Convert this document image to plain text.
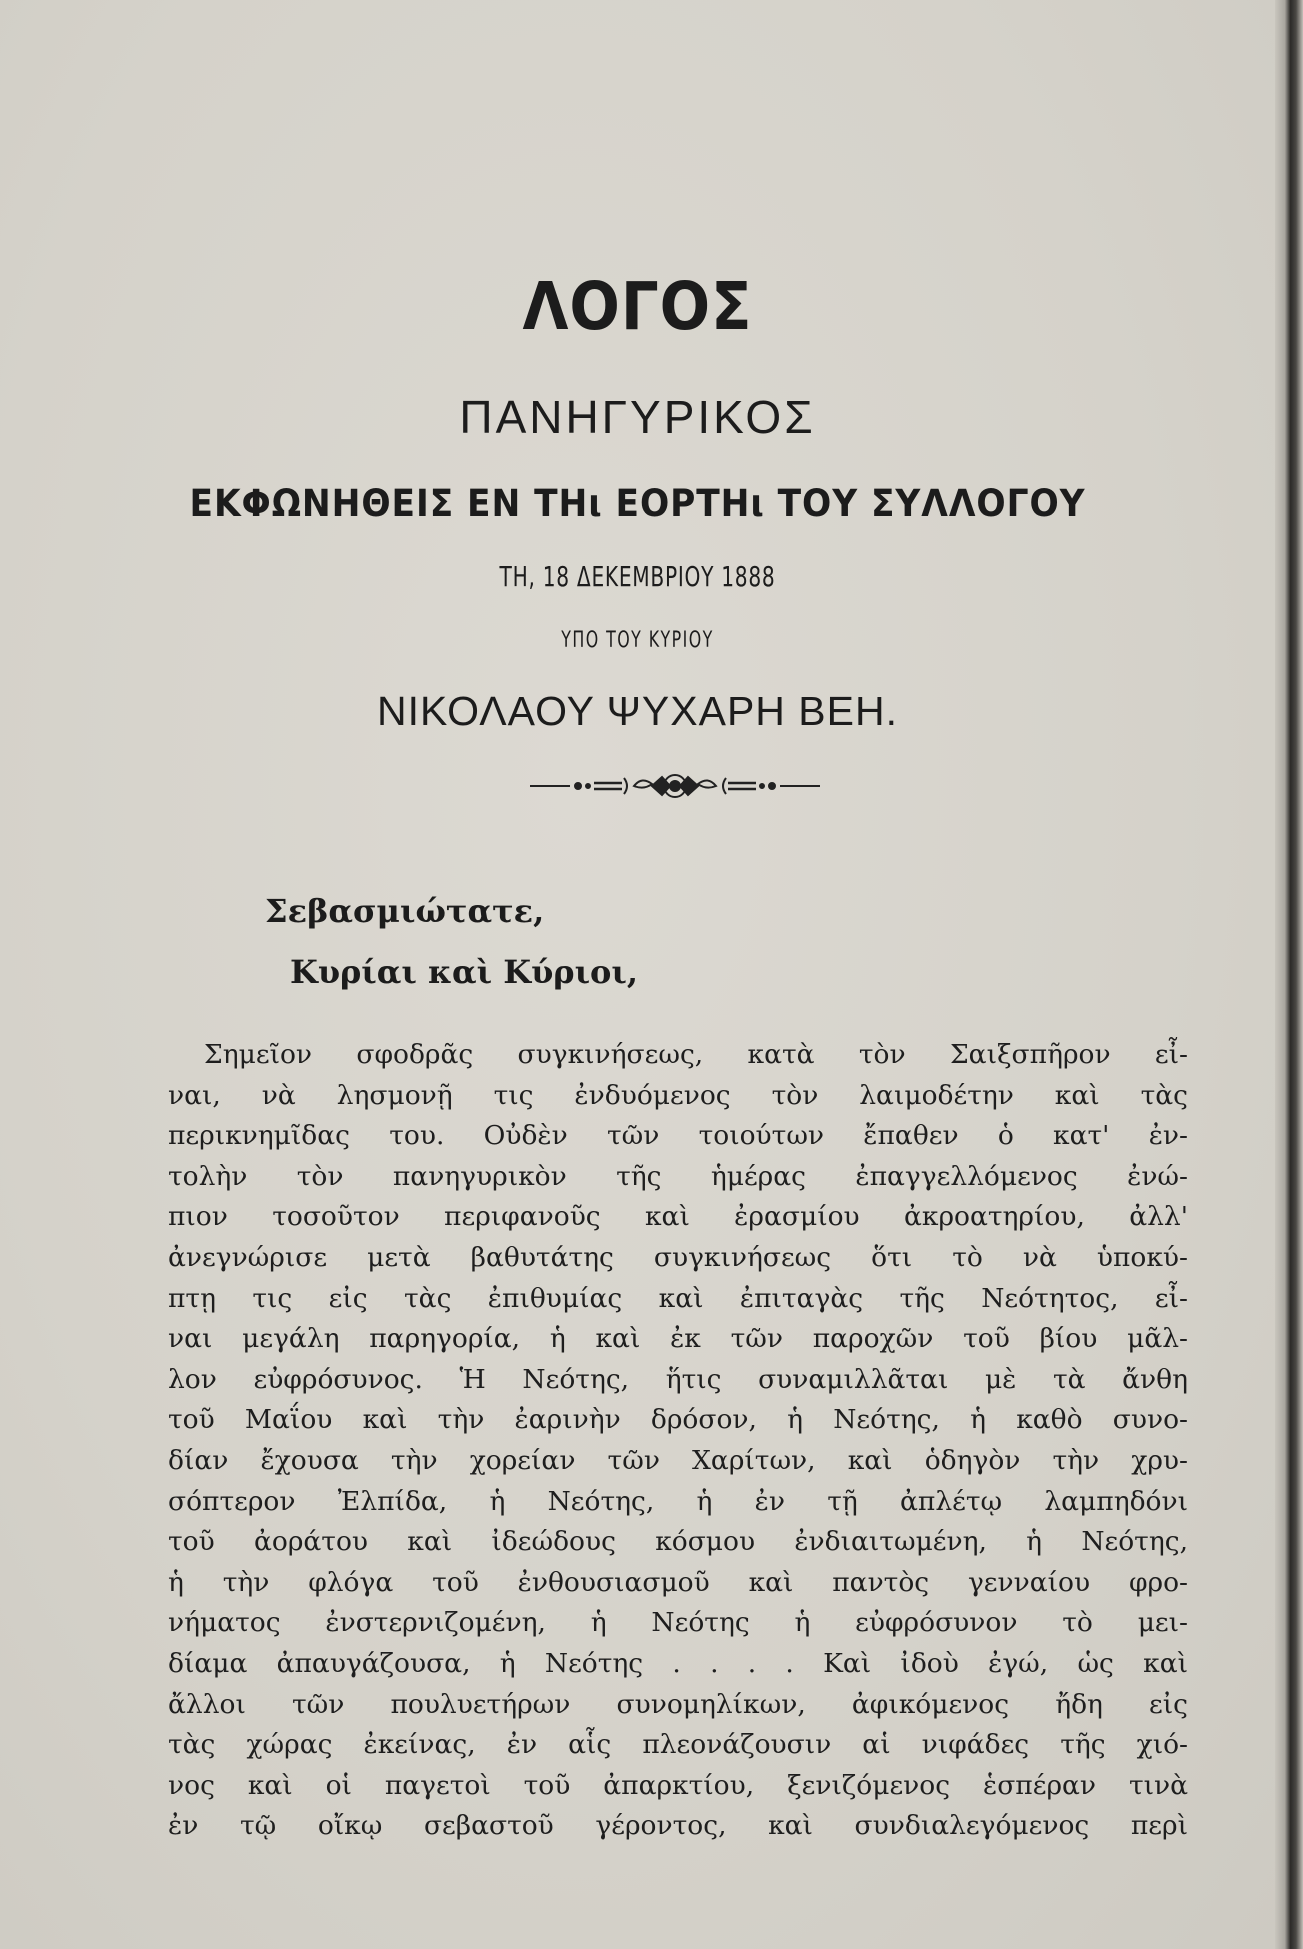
ΛΟΓΟΣ
ΠΑΝΗΓΥΡΙΚΟΣ
ΕΚΦΩΝΗΘΕΙΣ ΕΝ ΤΗι ΕΟΡΤΗι ΤΟΥ ΣΥΛΛΟΓΟΥ
ΤΗ, 18 ΔΕΚΕΜΒΡΙΟΥ 1888
ΥΠΟ ΤΟΥ ΚΥΡΙΟΥ
ΝΙΚΟΛΑΟΥ ΨΥΧΑΡΗ ΒΕΗ.
Σεβασμιώτατε,
Κυρίαι καὶ Κύριοι,
Σημεῖον σφοδρᾶς συγκινήσεως, κατὰ τὸν Σαιξσπῆρον εἶ-
ναι, νὰ λησμονῇ τις ἐνδυόμενος τὸν λαιμοδέτην καὶ τὰς
περικνημῖδας του. Οὐδὲν τῶν τοιούτων ἔπαθεν ὁ κατ' ἐν-
τολὴν τὸν πανηγυρικὸν τῆς ἡμέρας ἐπαγγελλόμενος ἐνώ-
πιον τοσοῦτον περιφανοῦς καὶ ἐρασμίου ἀκροατηρίου, ἀλλ'
ἀνεγνώρισε μετὰ βαθυτάτης συγκινήσεως ὅτι τὸ νὰ ὑποκύ-
πτῃ τις εἰς τὰς ἐπιθυμίας καὶ ἐπιταγὰς τῆς Νεότητος, εἶ-
ναι μεγάλη παρηγορία, ἡ καὶ ἐκ τῶν παροχῶν τοῦ βίου μᾶλ-
λον εὐφρόσυνος. Ἡ Νεότης, ἥτις συναμιλλᾶται μὲ τὰ ἄνθη
τοῦ Μαΐου καὶ τὴν ἐαρινὴν δρόσον, ἡ Νεότης, ἡ καθὸ συνο-
δίαν ἔχουσα τὴν χορείαν τῶν Χαρίτων, καὶ ὁδηγὸν τὴν χρυ-
σόπτερον Ἐλπίδα, ἡ Νεότης, ἡ ἐν τῇ ἀπλέτῳ λαμπηδόνι
τοῦ ἀοράτου καὶ ἰδεώδους κόσμου ἐνδιαιτωμένη, ἡ Νεότης,
ἡ τὴν φλόγα τοῦ ἐνθουσιασμοῦ καὶ παντὸς γενναίου φρο-
νήματος ἐνστερνιζομένη, ἡ Νεότης ἡ εὐφρόσυνον τὸ μει-
δίαμα ἀπαυγάζουσα, ἡ Νεότης . . . . Καὶ ἰδοὺ ἐγώ, ὡς καὶ
ἄλλοι τῶν πουλυετήρων συνομηλίκων, ἀφικόμενος ἤδη εἰς
τὰς χώρας ἐκείνας, ἐν αἷς πλεονάζουσιν αἱ νιφάδες τῆς χιό-
νος καὶ οἱ παγετοὶ τοῦ ἀπαρκτίου, ξενιζόμενος ἑσπέραν τινὰ
ἐν τῷ οἴκῳ σεβαστοῦ γέροντος, καὶ συνδιαλεγόμενος περὶ
